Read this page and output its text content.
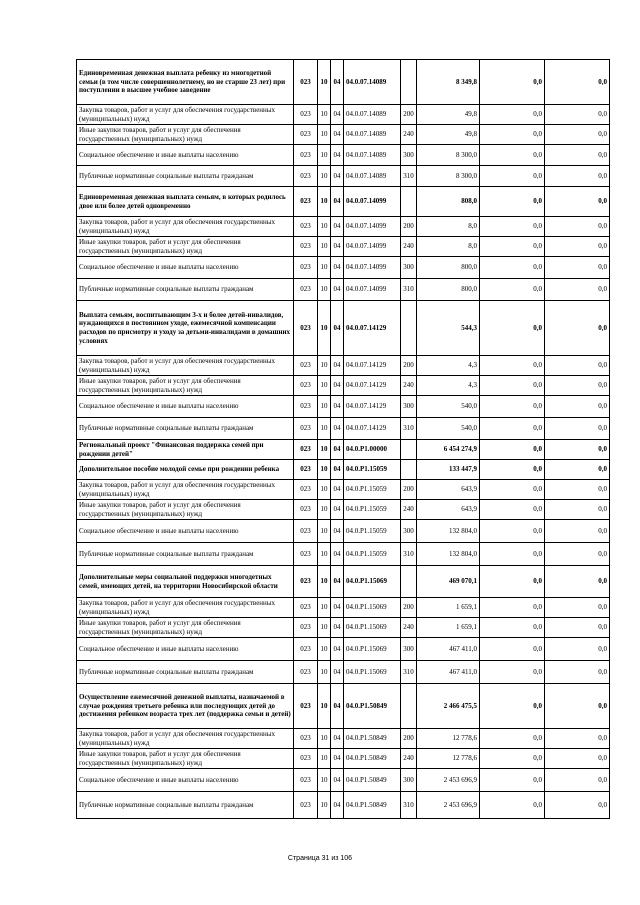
Единовременная денежная выплата ребенку из многодетной семьи (в том числе совершеннолетнему, но не старше 23 лет) при поступлении в высшее учебное заведение	023	10	04	04.0.07.14089		8 349,8	0,0	0,0
Закупка товаров, работ и услуг для обеспечения государственных (муниципальных) нужд	023	10	04	04.0.07.14089	200	49,8	0,0	0,0
Иные закупки товаров, работ и услуг для обеспечения государственных (муниципальных) нужд	023	10	04	04.0.07.14089	240	49,8	0,0	0,0
Социальное обеспечение и иные выплаты населению	023	10	04	04.0.07.14089	300	8 300,0	0,0	0,0
Публичные нормативные социальные выплаты гражданам	023	10	04	04.0.07.14089	310	8 300,0	0,0	0,0
Единовременная денежная выплата семьям, в которых родилось двое или более детей одновременно	023	10	04	04.0.07.14099		808,0	0,0	0,0
Закупка товаров, работ и услуг для обеспечения государственных (муниципальных) нужд	023	10	04	04.0.07.14099	200	8,0	0,0	0,0
Иные закупки товаров, работ и услуг для обеспечения государственных (муниципальных) нужд	023	10	04	04.0.07.14099	240	8,0	0,0	0,0
Социальное обеспечение и иные выплаты населению	023	10	04	04.0.07.14099	300	800,0	0,0	0,0
Публичные нормативные социальные выплаты гражданам	023	10	04	04.0.07.14099	310	800,0	0,0	0,0
Выплата семьям, воспитывающим 3-х и более детей-инвалидов, нуждающихся в постоянном уходе, ежемесячной компенсации расходов по присмотру и уходу за детьми-инвалидами в домашних условиях	023	10	04	04.0.07.14129		544,3	0,0	0,0
Закупка товаров, работ и услуг для обеспечения государственных (муниципальных) нужд	023	10	04	04.0.07.14129	200	4,3	0,0	0,0
Иные закупки товаров, работ и услуг для обеспечения государственных (муниципальных) нужд	023	10	04	04.0.07.14129	240	4,3	0,0	0,0
Социальное обеспечение и иные выплаты населению	023	10	04	04.0.07.14129	300	540,0	0,0	0,0
Публичные нормативные социальные выплаты гражданам	023	10	04	04.0.07.14129	310	540,0	0,0	0,0
Региональный проект "Финансовая поддержка семей при рождении детей"	023	10	04	04.0.P1.00000		6 454 274,9	0,0	0,0
Дополнительное пособие молодой семье при рождении ребенка	023	10	04	04.0.P1.15059		133 447,9	0,0	0,0
Закупка товаров, работ и услуг для обеспечения государственных (муниципальных) нужд	023	10	04	04.0.P1.15059	200	643,9	0,0	0,0
Иные закупки товаров, работ и услуг для обеспечения государственных (муниципальных) нужд	023	10	04	04.0.P1.15059	240	643,9	0,0	0,0
Социальное обеспечение и иные выплаты населению	023	10	04	04.0.P1.15059	300	132 804,0	0,0	0,0
Публичные нормативные социальные выплаты гражданам	023	10	04	04.0.P1.15059	310	132 804,0	0,0	0,0
Дополнительные меры социальной поддержки многодетных семей, имеющих детей, на территории Новосибирской области	023	10	04	04.0.P1.15069		469 070,1	0,0	0,0
Закупка товаров, работ и услуг для обеспечения государственных (муниципальных) нужд	023	10	04	04.0.P1.15069	200	1 659,1	0,0	0,0
Иные закупки товаров, работ и услуг для обеспечения государственных (муниципальных) нужд	023	10	04	04.0.P1.15069	240	1 659,1	0,0	0,0
Социальное обеспечение и иные выплаты населению	023	10	04	04.0.P1.15069	300	467 411,0	0,0	0,0
Публичные нормативные социальные выплаты гражданам	023	10	04	04.0.P1.15069	310	467 411,0	0,0	0,0
Осуществление ежемесячной денежной выплаты, назначаемой в случае рождения третьего ребенка или последующих детей до достижения ребенком возраста трех лет (поддержка семьи и детей)	023	10	04	04.0.P1.50849		2 466 475,5	0,0	0,0
Закупка товаров, работ и услуг для обеспечения государственных (муниципальных) нужд	023	10	04	04.0.P1.50849	200	12 778,6	0,0	0,0
Иные закупки товаров, работ и услуг для обеспечения государственных (муниципальных) нужд	023	10	04	04.0.P1.50849	240	12 778,6	0,0	0,0
Социальное обеспечение и иные выплаты населению	023	10	04	04.0.P1.50849	300	2 453 696,9	0,0	0,0
Публичные нормативные социальные выплаты гражданам	023	10	04	04.0.P1.50849	310	2 453 696,9	0,0	0,0
Страница 31 из 106
